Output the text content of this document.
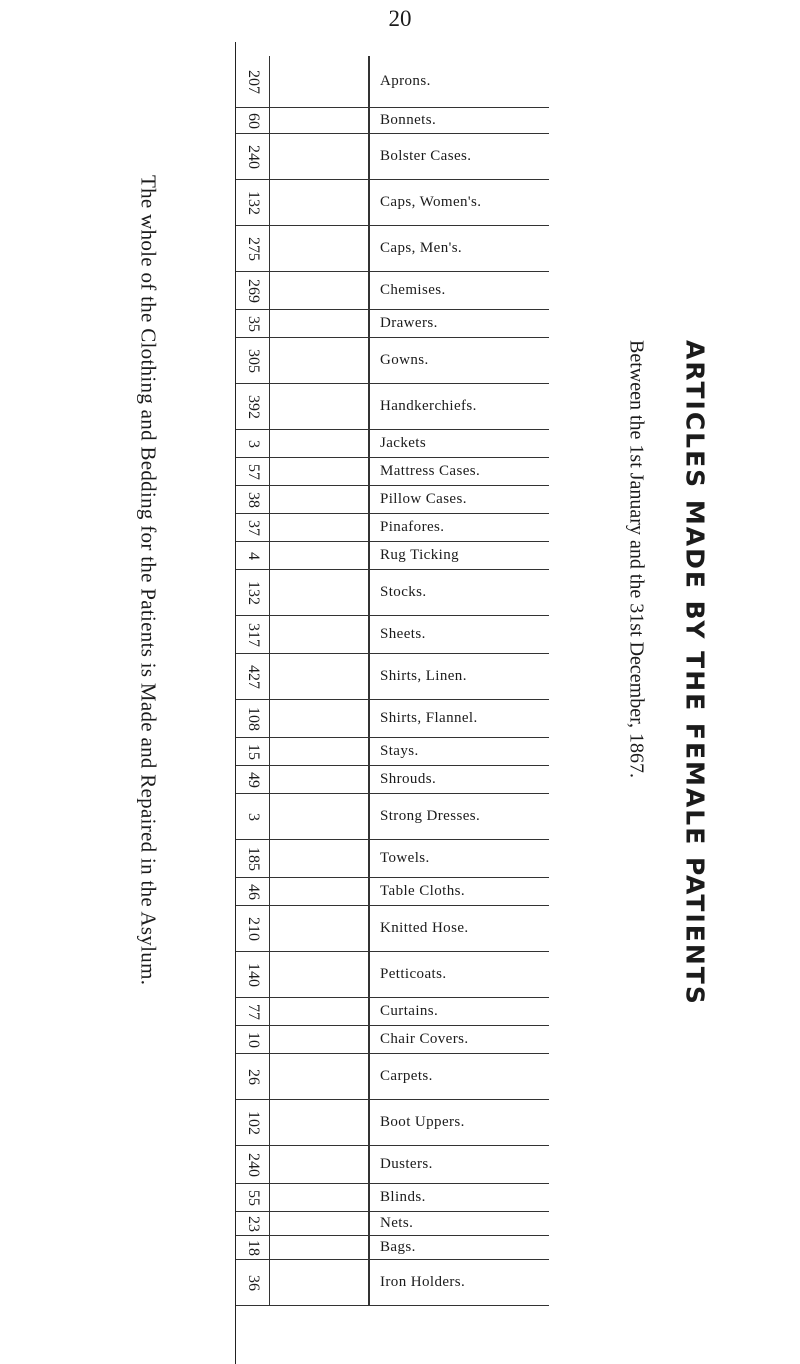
20
207	Aprons.
60	Bonnets.
240	Bolster Cases.
132	Caps, Women's.
275	Caps, Men's.
269	Chemises.
35	Drawers.
305	Gowns.
392	Handkerchiefs.
3	Jackets
57	Mattress Cases.
38	Pillow Cases.
37	Pinafores.
4	Rug Ticking
132	Stocks.
317	Sheets.
427	Shirts, Linen.
108	Shirts, Flannel.
15	Stays.
49	Shrouds.
3	Strong Dresses.
185	Towels.
46	Table Cloths.
210	Knitted Hose.
140	Petticoats.
77	Curtains.
10	Chair Covers.
26	Carpets.
102	Boot Uppers.
240	Dusters.
55	Blinds.
23	Nets.
18	Bags.
36	Iron Holders.
ARTICLES MADE BY THE FEMALE PATIENTS
Between the 1st January and the 31st December, 1867.
The whole of the Clothing and Bedding for the Patients is Made and Repaired in the Asylum.
